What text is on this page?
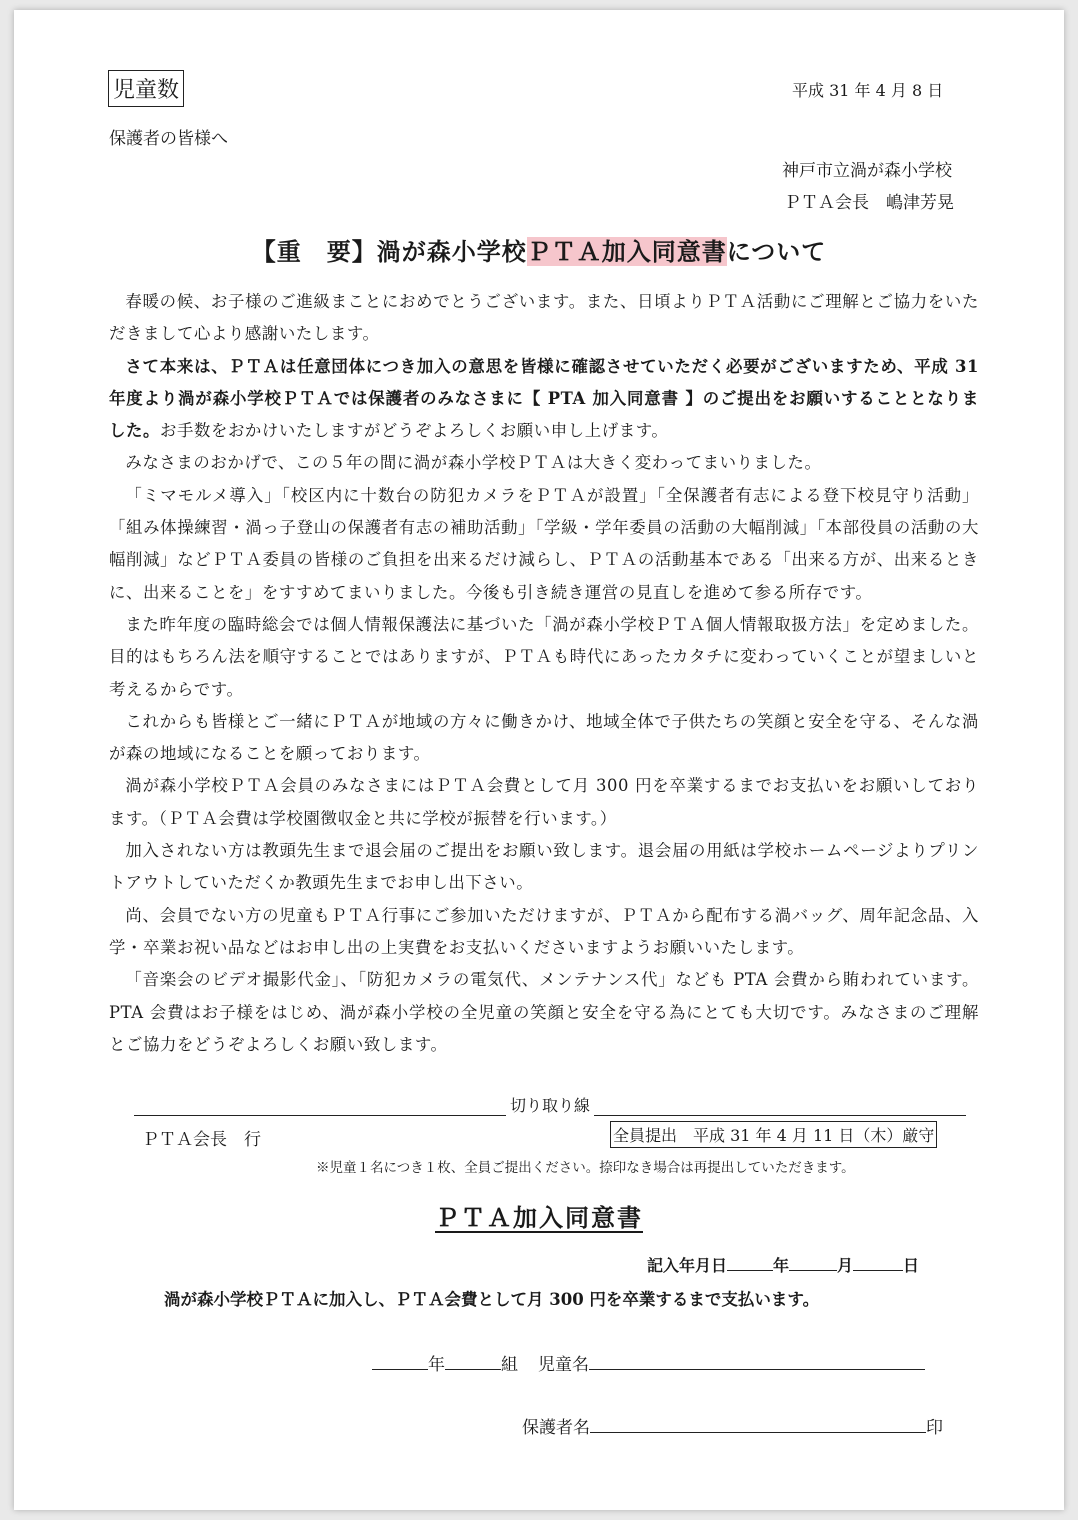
児童数	平成 31 年 4 月 8 日
保護者の皆様へ
神戸市立渦が森小学校
ＰＴＡ会長　嶋津芳晃
【重　要】渦が森小学校ＰＴＡ加入同意書について

春暖の候、お子様のご進級まことにおめでとうございます。また、日頃よりＰＴＡ活動にご理解とご協力をいただきまして心より感謝いたします。

さて本来は、ＰＴＡは任意団体につき加入の意思を皆様に確認させていただく必要がございますため、平成 31 年度より渦が森小学校ＰＴＡでは保護者のみなさまに【 PTA 加入同意書 】のご提出をお願いすることとなりました。お手数をおかけいたしますがどうぞよろしくお願い申し上げます。

みなさまのおかげで、この５年の間に渦が森小学校ＰＴＡは大きく変わってまいりました。

「ミマモルメ導入」「校区内に十数台の防犯カメラをＰＴＡが設置」「全保護者有志による登下校見守り活動」「組み体操練習・渦っ子登山の保護者有志の補助活動」「学級・学年委員の活動の大幅削減」「本部役員の活動の大幅削減」などＰＴＡ委員の皆様のご負担を出来るだけ減らし、ＰＴＡの活動基本である「出来る方が、出来るときに、出来ることを」をすすめてまいりました。今後も引き続き運営の見直しを進めて参る所存です。

また昨年度の臨時総会では個人情報保護法に基づいた「渦が森小学校ＰＴＡ個人情報取扱方法」を定めました。目的はもちろん法を順守することではありますが、ＰＴＡも時代にあったカタチに変わっていくことが望ましいと考えるからです。

これからも皆様とご一緒にＰＴＡが地域の方々に働きかけ、地域全体で子供たちの笑顔と安全を守る、そんな渦が森の地域になることを願っております。

渦が森小学校ＰＴＡ会員のみなさまにはＰＴＡ会費として月 300 円を卒業するまでお支払いをお願いしております。（ＰＴＡ会費は学校園徴収金と共に学校が振替を行います。）

加入されない方は教頭先生まで退会届のご提出をお願い致します。退会届の用紙は学校ホームページよりプリントアウトしていただくか教頭先生までお申し出下さい。

尚、会員でない方の児童もＰＴＡ行事にご参加いただけますが、ＰＴＡから配布する渦バッグ、周年記念品、入学・卒業お祝い品などはお申し出の上実費をお支払いくださいますようお願いいたします。

「音楽会のビデオ撮影代金」、「防犯カメラの電気代、メンテナンス代」なども PTA 会費から賄われています。PTA 会費はお子様をはじめ、渦が森小学校の全児童の笑顔と安全を守る為にとても大切です。みなさまのご理解とご協力をどうぞよろしくお願い致します。

切り取り線
ＰＴＡ会長　行	全員提出　平成 31 年 4 月 11 日（木）厳守
※児童１名につき１枚、全員ご提出ください。捺印なき場合は再提出していただきます。
ＰＴＡ加入同意書
記入年月日	年	月	日
渦が森小学校ＰＴＡに加入し、ＰＴＡ会費として月 300 円を卒業するまで支払います。
年	組 児童名
保護者名	印
